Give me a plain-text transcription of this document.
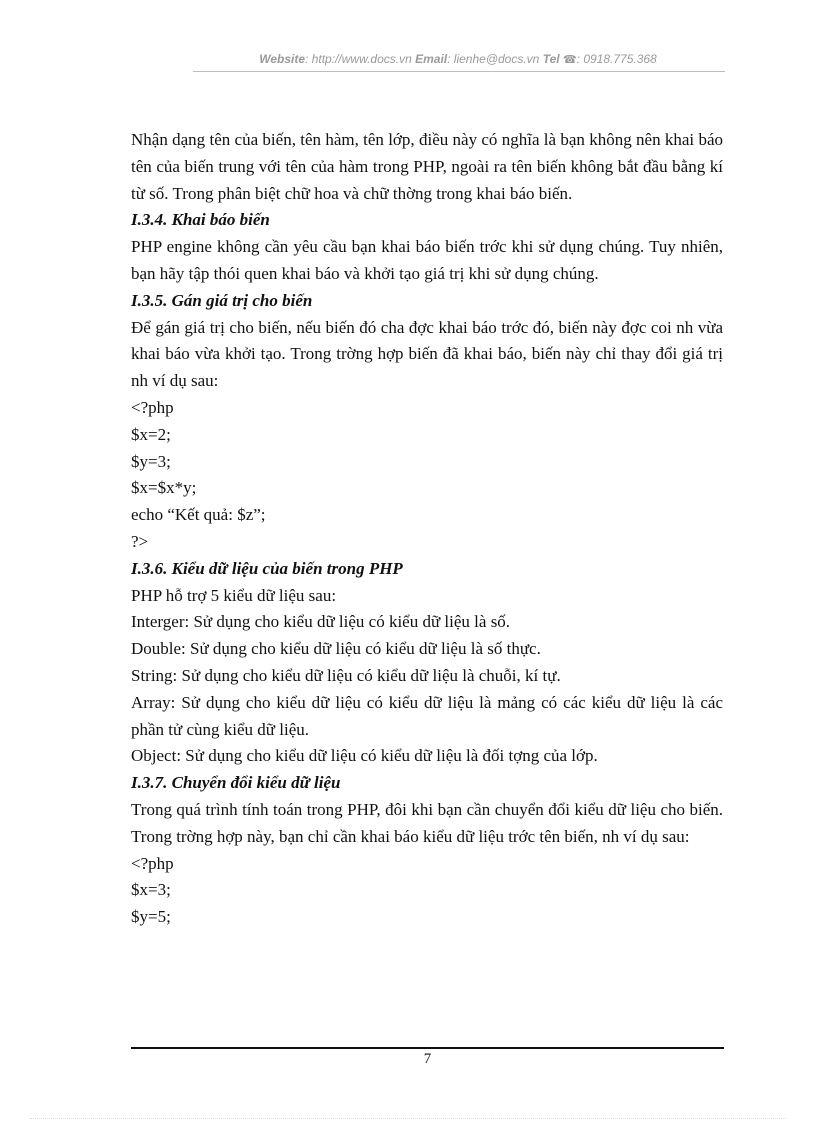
Website: http://www.docs.vn Email: lienhe@docs.vn Tel ☎: 0918.775.368

Nhận dạng tên của biến, tên hàm, tên lớp, điều này có nghĩa là bạn không nên khai báo tên của biến trung với tên của hàm trong PHP, ngoài ra tên biến không bắt đầu bằng kí từ số. Trong phân biệt chữ hoa và chữ thờng trong khai báo biến.

I.3.4. Khai báo biến

PHP engine không cần yêu cầu bạn khai báo biến trớc khi sử dụng chúng. Tuy nhiên, bạn hãy tập thói quen khai báo và khởi tạo giá trị khi sử dụng chúng.

I.3.5. Gán giá trị cho biến

Để gán giá trị cho biến, nếu biến đó cha đợc khai báo trớc đó, biến này đợc coi nh vừa khai báo vừa khởi tạo. Trong trờng hợp biến đã khai báo, biến này chỉ thay đổi giá trị nh ví dụ sau:

<?php

$x=2;

$y=3;

$x=$x*y;

echo “Kết quả: $z”;

?>

I.3.6. Kiểu dữ liệu của biến trong PHP

PHP hỗ trợ 5 kiểu dữ liệu sau:

Interger: Sử dụng cho kiểu dữ liệu có kiểu dữ liệu là số.

Double: Sử dụng cho kiểu dữ liệu có kiểu dữ liệu là số thực.

String: Sử dụng cho kiểu dữ liệu có kiểu dữ liệu là chuỗi, kí tự.

Array: Sử dụng cho kiểu dữ liệu có kiểu dữ liệu là mảng có các kiểu dữ liệu là các phần tử cùng kiểu dữ liệu.

Object: Sử dụng cho kiểu dữ liệu có kiểu dữ liệu là đối tợng của lớp.

I.3.7. Chuyển đổi kiểu dữ liệu

Trong quá trình tính toán trong PHP, đôi khi bạn cần chuyển đổi kiểu dữ liệu cho biến. Trong trờng hợp này, bạn chỉ cần khai báo kiểu dữ liệu trớc tên biến, nh ví dụ sau:

<?php

$x=3;

$y=5;

7
